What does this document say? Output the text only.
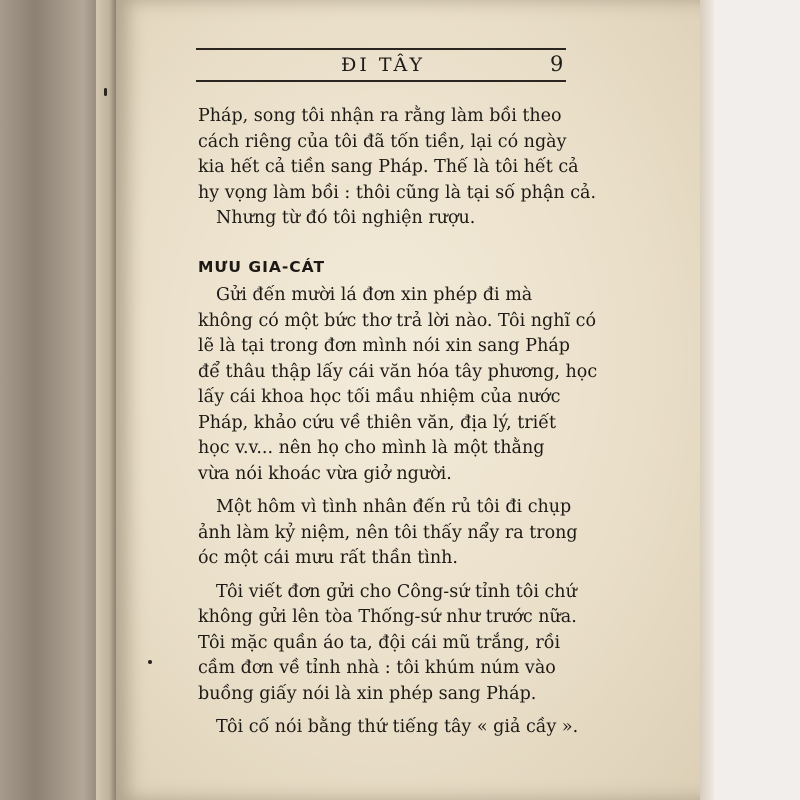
ĐI TÂY	9
Pháp, song tôi nhận ra rằng làm bồi theo
cách riêng của tôi đã tốn tiền, lại có ngày
kia hết cả tiền sang Pháp. Thế là tôi hết cả
hy vọng làm bồi : thôi cũng là tại số phận cả.
Nhưng từ đó tôi nghiện rượu.
MƯU GIA-CÁT
Gửi đến mười lá đơn xin phép đi mà
không có một bức thơ trả lời nào. Tôi nghĩ có
lẽ là tại trong đơn mình nói xin sang Pháp
để thâu thập lấy cái văn hóa tây phương, học
lấy cái khoa học tối mầu nhiệm của nước
Pháp, khảo cứu về thiên văn, địa lý, triết
học v.v... nên họ cho mình là một thằng
vừa nói khoác vừa giở người.
Một hôm vì tình nhân đến rủ tôi đi chụp
ảnh làm kỷ niệm, nên tôi thấy nẩy ra trong
óc một cái mưu rất thần tình.
Tôi viết đơn gửi cho Công-sứ tỉnh tôi chứ
không gửi lên tòa Thống-sứ như trước nữa.
Tôi mặc quần áo ta, đội cái mũ trắng, rồi
cầm đơn về tỉnh nhà : tôi khúm núm vào
buồng giấy nói là xin phép sang Pháp.
Tôi cố nói bằng thứ tiếng tây « giả cầy ».
